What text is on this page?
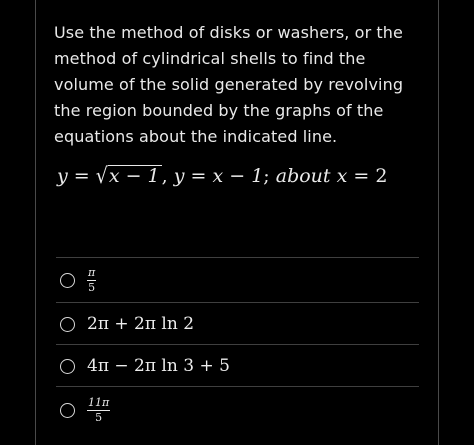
Use the method of disks or washers, or the method of cylindrical shells to find the volume of the solid generated by revolving the region bounded by the graphs of the equations about the indicated line.
y = √x − 1 , y = x − 1; about x = 2
$\frac{\pi}{5}$
2π + 2π ln 2
4π − 2π ln 3 + 5
$\frac{11\pi}{5}$
